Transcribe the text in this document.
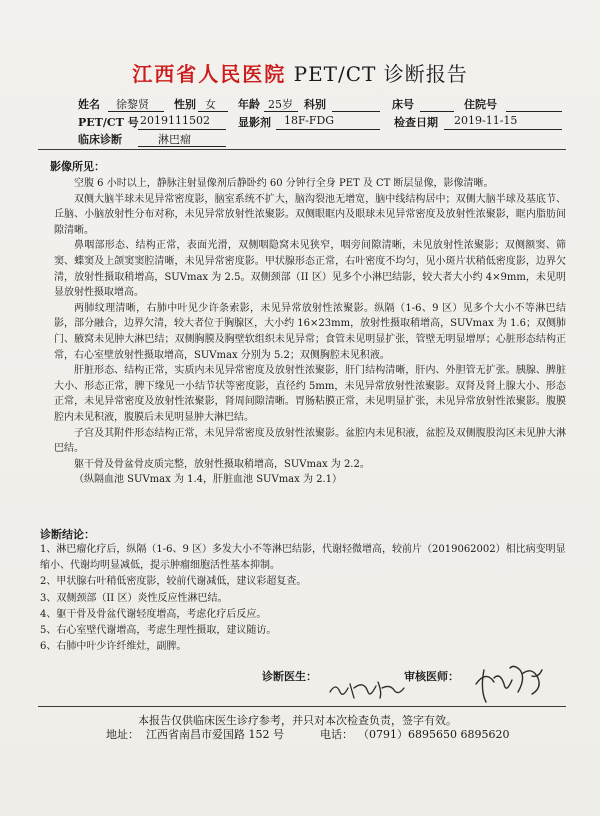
江西省人民医院 PET/CT 诊断报告
姓名 徐黎贤 性别 女 年龄 25岁 科别	床号	住院号
PET/CT 号 2019111502	显影剂 18F-FDG	检查日期 2019-11-15
临床诊断	淋巴瘤
影像所见：

空腹 6 小时以上，静脉注射显像剂后静卧约 60 分钟行全身 PET 及 CT 断层显像，影像清晰。

双侧大脑半球未见异常密度影，脑室系统不扩大，脑沟裂池无增宽，脑中线结构居中；双侧大脑半球及基底节、丘脑、小脑放射性分布对称，未见异常放射性浓聚影。双侧眼眶内及眼球未见异常密度及放射性浓聚影，眶内脂肪间隙清晰。

鼻咽部形态、结构正常，表面光滑，双侧咽隐窝未见狭窄，咽旁间隙清晰，未见放射性浓聚影；双侧额窦、筛窦、蝶窦及上颌窦窦腔清晰，未见异常密度影。甲状腺形态正常，右叶密度不均匀，见小斑片状稍低密度影，边界欠清，放射性摄取稍增高，SUVmax 为 2.5。双侧颈部（II 区）见多个小淋巴结影，较大者大小约 4×9mm，未见明显放射性摄取增高。

两肺纹理清晰，右肺中叶见少许条索影，未见异常放射性浓聚影。纵隔（1-6、9 区）见多个大小不等淋巴结影，部分融合，边界欠清，较大者位于胸腺区，大小约 16×23mm，放射性摄取稍增高，SUVmax 为 1.6；双侧肺门、腋窝未见肿大淋巴结；双侧胸膜及胸壁软组织未见异常；食管未见明显扩张，管壁无明显增厚；心脏形态结构正常，右心室壁放射性摄取增高，SUVmax 分别为 5.2；双侧胸腔未见积液。

肝脏形态、结构正常，实质内未见异常密度及放射性浓聚影，肝门结构清晰，肝内、外胆管无扩张。胰腺、脾脏大小、形态正常，脾下缘见一小结节状等密度影，直径约 5mm，未见异常放射性浓聚影。双肾及肾上腺大小、形态正常，未见异常密度及放射性浓聚影，肾周间隙清晰。胃肠粘膜正常，未见明显扩张，未见异常放射性浓聚影。腹膜腔内未见积液，腹膜后未见明显肿大淋巴结。

子宫及其附件形态结构正常，未见异常密度及放射性浓聚影。盆腔内未见积液，盆腔及双侧腹股沟区未见肿大淋巴结。

躯干骨及骨盆骨皮质完整，放射性摄取稍增高，SUVmax 为 2.2。

（纵隔血池 SUVmax 为 1.4，肝脏血池 SUVmax 为 2.1）

诊断结论：

1、淋巴瘤化疗后，纵隔（1-6、9 区）多发大小不等淋巴结影，代谢轻微增高，较前片（2019062002）相比病变明显缩小、代谢均明显减低，提示肿瘤细胞活性基本抑制。

2、甲状腺右叶稍低密度影，较前代谢减低，建议彩超复查。

3、双侧颈部（II 区）炎性反应性淋巴结。

4、躯干骨及骨盆代谢轻度增高，考虑化疗后反应。

5、右心室壁代谢增高，考虑生理性摄取，建议随访。

6、右肺中叶少许纤维灶，副脾。

诊断医生：	审核医师：
本报告仅供临床医生诊疗参考，并只对本次检查负责，签字有效。
地址： 江西省南昌市爱国路 152 号	电话： （0791）6895650 6895620
